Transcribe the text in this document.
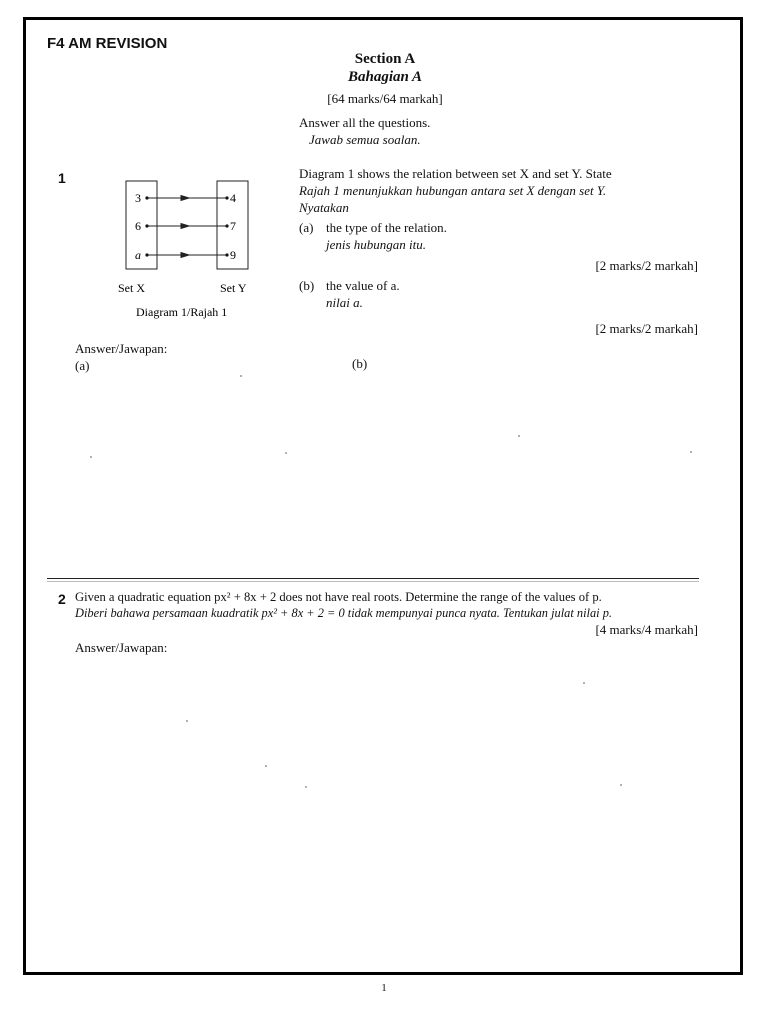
F4 AM REVISION
Section A
Bahagian A
[64 marks/64 markah]
Answer all the questions.
Jawab semua soalan.
1
3
6
a
4
7
9
Set X	Set Y
Diagram 1/Rajah 1
Diagram 1 shows the relation between set X and set Y. State
Rajah 1 menunjukkan hubungan antara set X dengan set Y.
Nyatakan
(a) the type of the relation.
jenis hubungan itu.
[2 marks/2 markah]
(b) the value of a.
nilai a.
[2 marks/2 markah]
Answer/Jawapan:
(a)	(b)
2 Given a quadratic equation px² + 8x + 2 does not have real roots. Determine the range of the values of p.
Diberi bahawa persamaan kuadratik px² + 8x + 2 = 0 tidak mempunyai punca nyata. Tentukan julat nilai p.
[4 marks/4 markah]
Answer/Jawapan:
1
